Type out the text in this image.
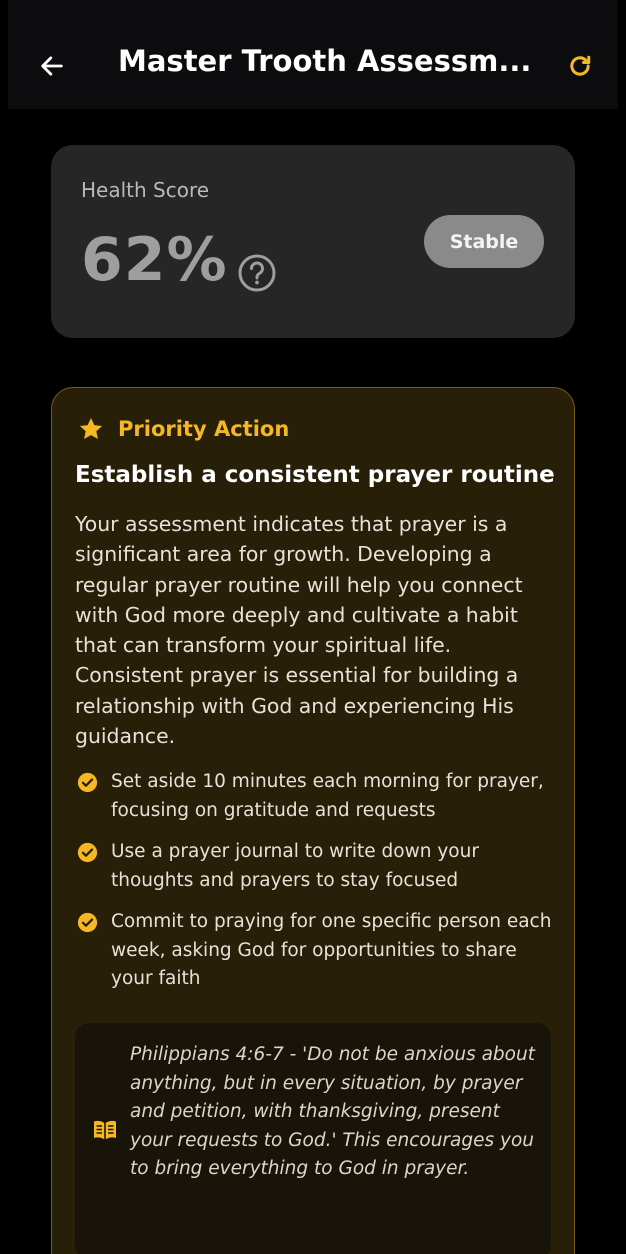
Master Trooth Assessm...
Health Score
62%	Stable
Priority Action
Establish a consistent prayer routine
Your assessment indicates that prayer is a significant area for growth. Developing a regular prayer routine will help you connect with God more deeply and cultivate a habit that can transform your spiritual life. Consistent prayer is essential for building a relationship with God and experiencing His guidance.
Set aside 10 minutes each morning for prayer, focusing on gratitude and requests
Use a prayer journal to write down your thoughts and prayers to stay focused
Commit to praying for one specific person each week, asking God for opportunities to share your faith
Philippians 4:6-7 - 'Do not be anxious about anything, but in every situation, by prayer and petition, with thanksgiving, present your requests to God.' This encourages you to bring everything to God in prayer.
